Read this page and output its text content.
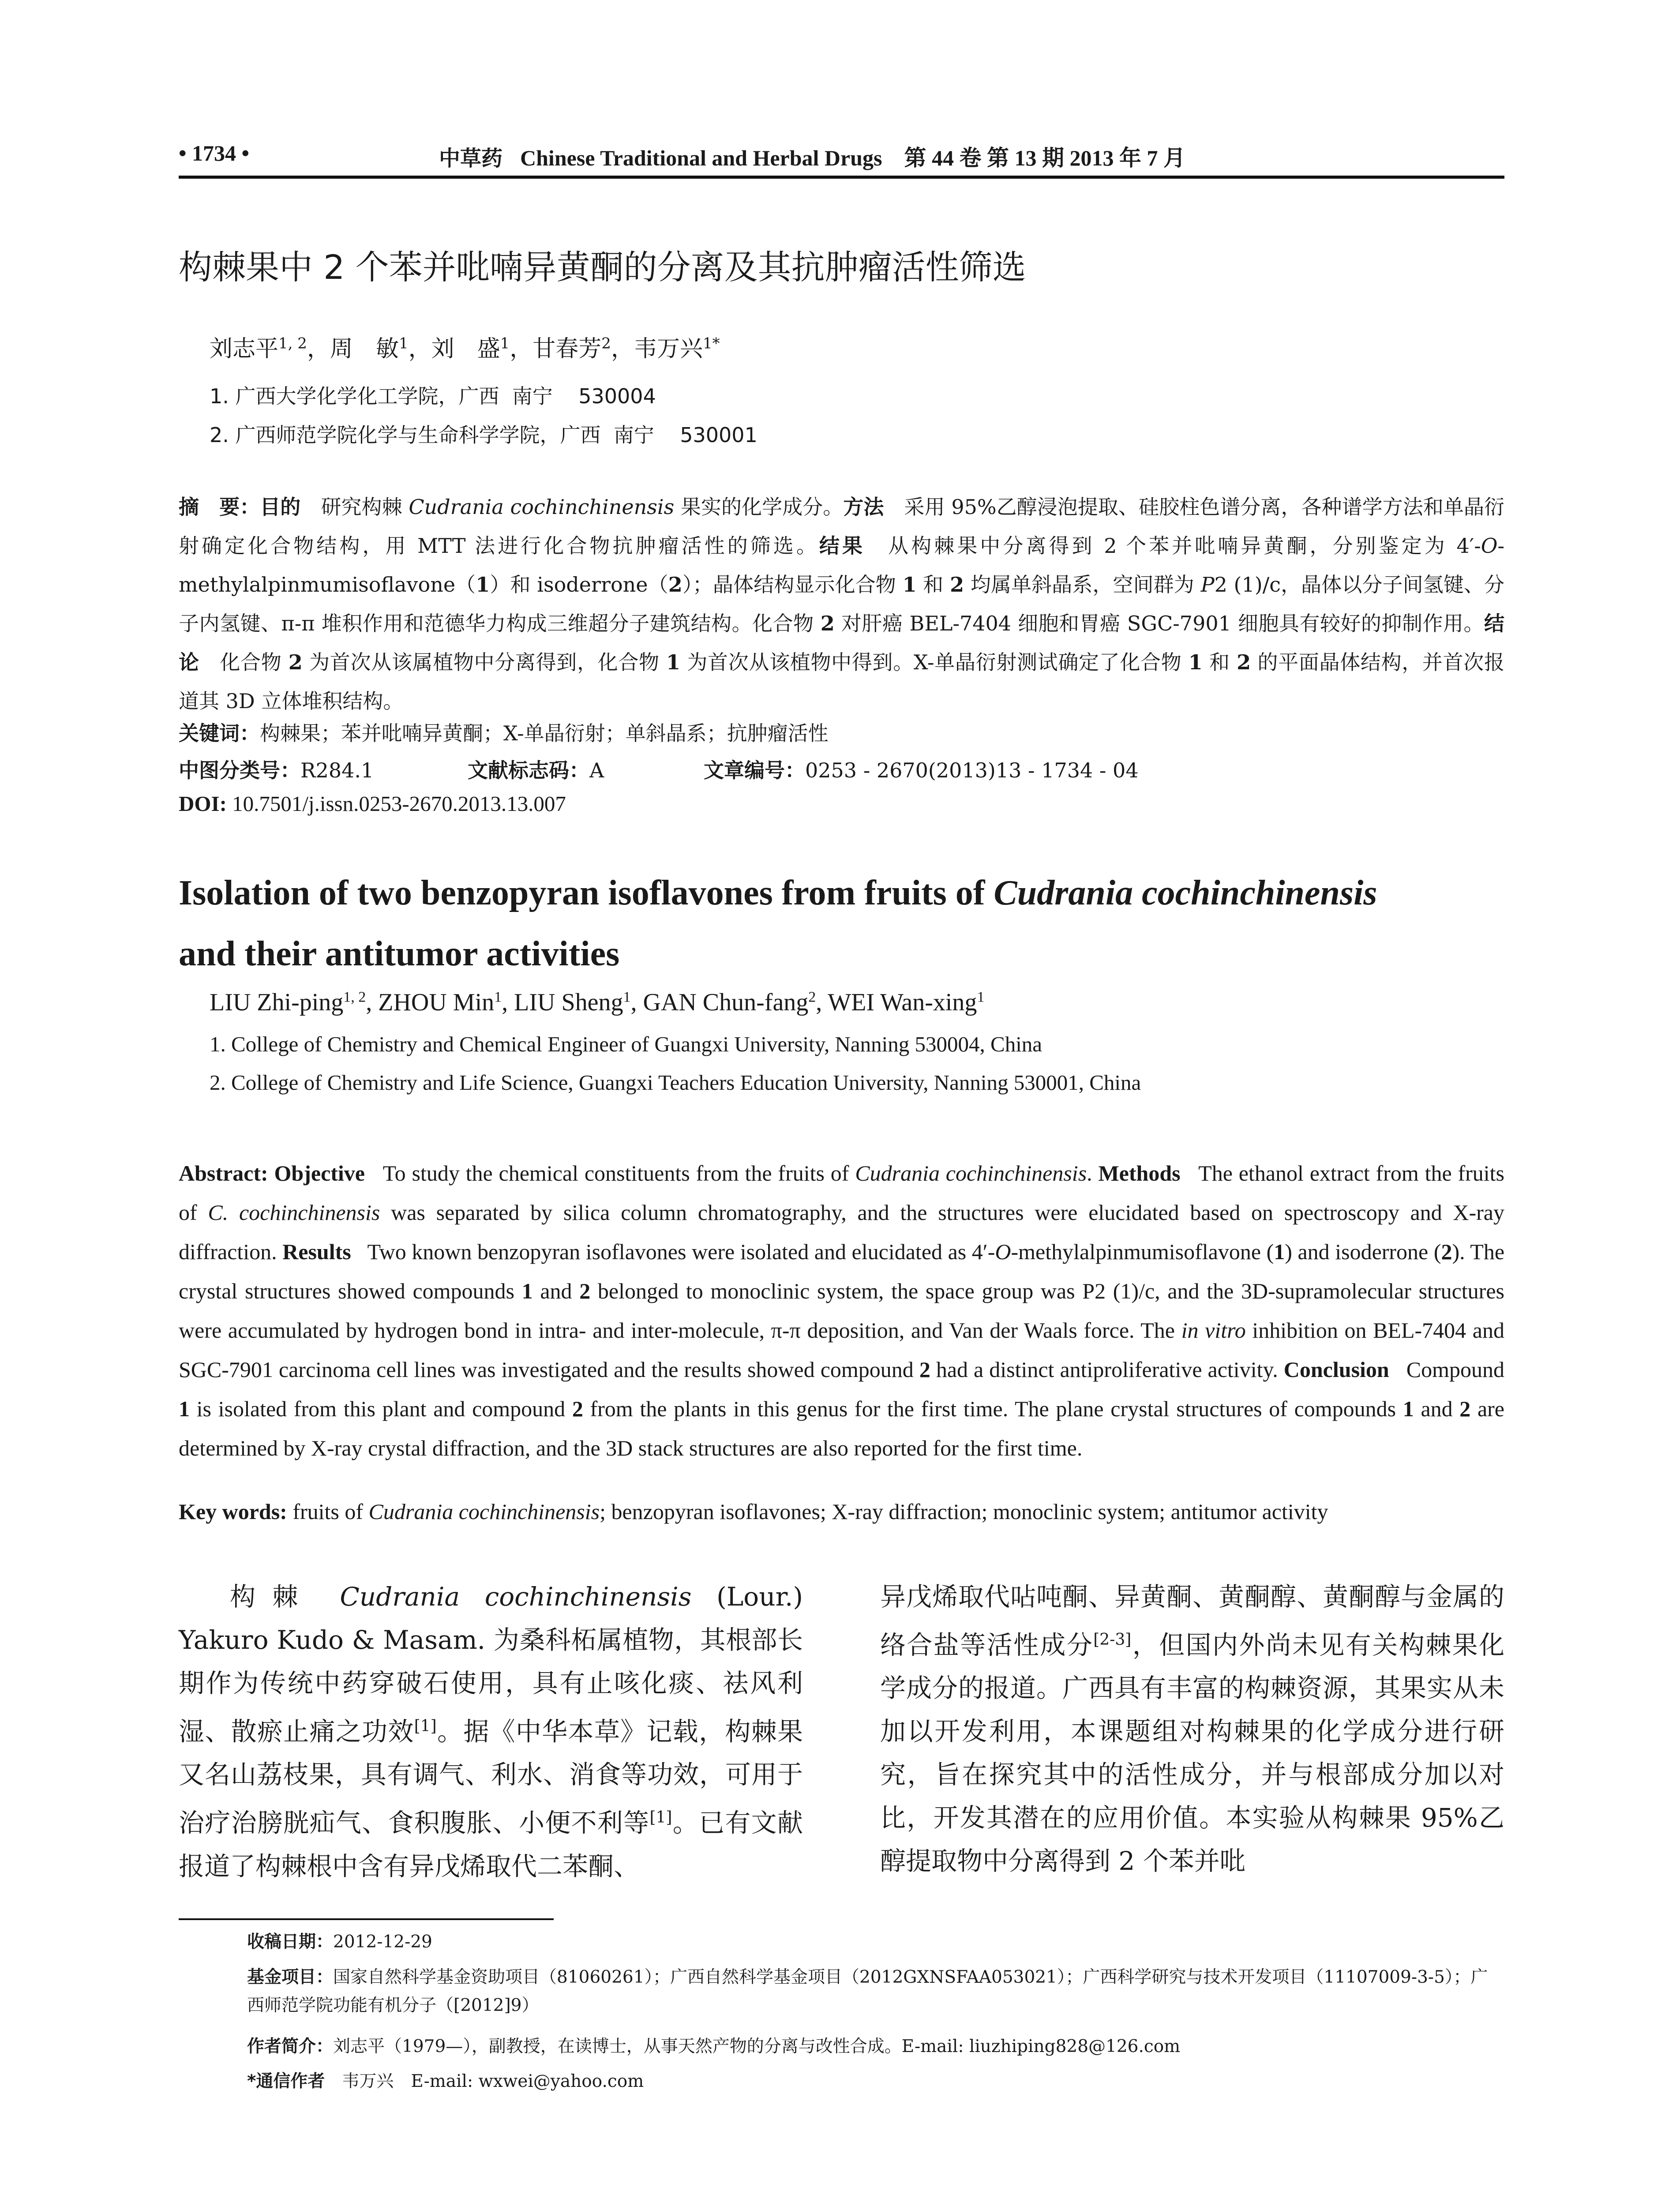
• 1734 •	中草药 Chinese Traditional and Herbal Drugs 第 44 卷 第 13 期 2013 年 7 月
构棘果中 2 个苯并吡喃异黄酮的分离及其抗肿瘤活性筛选
刘志平$^{1, 2}$，周　敏$^1$，刘　盛$^1$，甘春芳$^2$，韦万兴$^{1*}$
1. 广西大学化学化工学院，广西  南宁    530004
2. 广西师范学院化学与生命科学学院，广西  南宁    530001
摘　要：目的　 研究构棘 Cudrania cochinchinensis 果实的化学成分。方法　 采用 95%乙醇浸泡提取、硅胶柱色谱分离，各种谱学方法和单晶衍射确定化合物结构，用 MTT 法进行化合物抗肿瘤活性的筛选。结果　 从构棘果中分离得到 2 个苯并吡喃异黄酮，分别鉴定为 4′-O-methylalpinmumisoflavone（1）和 isoderrone（2）；晶体结构显示化合物 1 和 2 均属单斜晶系，空间群为 P2 (1)/c，晶体以分子间氢键、分子内氢键、π-π 堆积作用和范德华力构成三维超分子建筑结构。化合物 2 对肝癌 BEL-7404 细胞和胃癌 SGC-7901 细胞具有较好的抑制作用。结论　 化合物 2 为首次从该属植物中分离得到，化合物 1 为首次从该植物中得到。X-单晶衍射测试确定了化合物 1 和 2 的平面晶体结构，并首次报道其 3D 立体堆积结构。
关键词：构棘果；苯并吡喃异黄酮；X-单晶衍射；单斜晶系；抗肿瘤活性
中图分类号：R284.1	文献标志码：A	文章编号：0253 - 2670(2013)13 - 1734 - 04
DOI: 10.7501/j.issn.0253-2670.2013.13.007
Isolation of two benzopyran isoflavones from fruits of Cudrania cochinchinensis
and their antitumor activities
LIU Zhi-ping$^{1, 2}$, ZHOU Min$^1$, LIU Sheng$^1$, GAN Chun-fang$^2$, WEI Wan-xing$^1$
1. College of Chemistry and Chemical Engineer of Guangxi University, Nanning 530004, China
2. College of Chemistry and Life Science, Guangxi Teachers Education University, Nanning 530001, China
Abstract: Objective To study the chemical constituents from the fruits of Cudrania cochinchinensis. Methods The ethanol extract from the fruits of C. cochinchinensis was separated by silica column chromatography, and the structures were elucidated based on spectroscopy and X-ray diffraction. Results Two known benzopyran isoflavones were isolated and elucidated as 4′-O-methylalpinmumisoflavone (1) and isoderrone (2). The crystal structures showed compounds 1 and 2 belonged to monoclinic system, the space group was P2 (1)/c, and the 3D-supramolecular structures were accumulated by hydrogen bond in intra- and inter-molecule, π-π deposition, and Van der Waals force. The in vitro inhibition on BEL-7404 and SGC-7901 carcinoma cell lines was investigated and the results showed compound 2 had a distinct antiproliferative activity. Conclusion Compound 1 is isolated from this plant and compound 2 from the plants in this genus for the first time. The plane crystal structures of compounds 1 and 2 are determined by X-ray crystal diffraction, and the 3D stack structures are also reported for the first time.
Key words: fruits of Cudrania cochinchinensis; benzopyran isoflavones; X-ray diffraction; monoclinic system; antitumor activity
构棘 Cudrania cochinchinensis (Lour.) Yakuro Kudo & Masam. 为桑科柘属植物，其根部长期作为传统中药穿破石使用，具有止咳化痰、祛风利湿、散瘀止痛之功效[1]。据《中华本草》记载，构棘果又名山荔枝果，具有调气、利水、消食等功效，可用于治疗治膀胱疝气、食积腹胀、小便不利等[1]。已有文献报道了构棘根中含有异戊烯取代二苯酮、
异戊烯取代呫吨酮、异黄酮、黄酮醇、黄酮醇与金属的络合盐等活性成分[2-3]，但国内外尚未见有关构棘果化学成分的报道。广西具有丰富的构棘资源，其果实从未加以开发利用，本课题组对构棘果的化学成分进行研究，旨在探究其中的活性成分，并与根部成分加以对比，开发其潜在的应用价值。本实验从构棘果 95%乙醇提取物中分离得到 2 个苯并吡
收稿日期：2012-12-29
基金项目：国家自然科学基金资助项目（81060261）；广西自然科学基金项目（2012GXNSFAA053021）；广西科学研究与技术开发项目（11107009-3-5）；广西师范学院功能有机分子（[2012]9）
作者简介：刘志平（1979—），副教授，在读博士，从事天然产物的分离与改性合成。E-mail: liuzhiping828@126.com
*通信作者　韦万兴　E-mail: wxwei@yahoo.com
